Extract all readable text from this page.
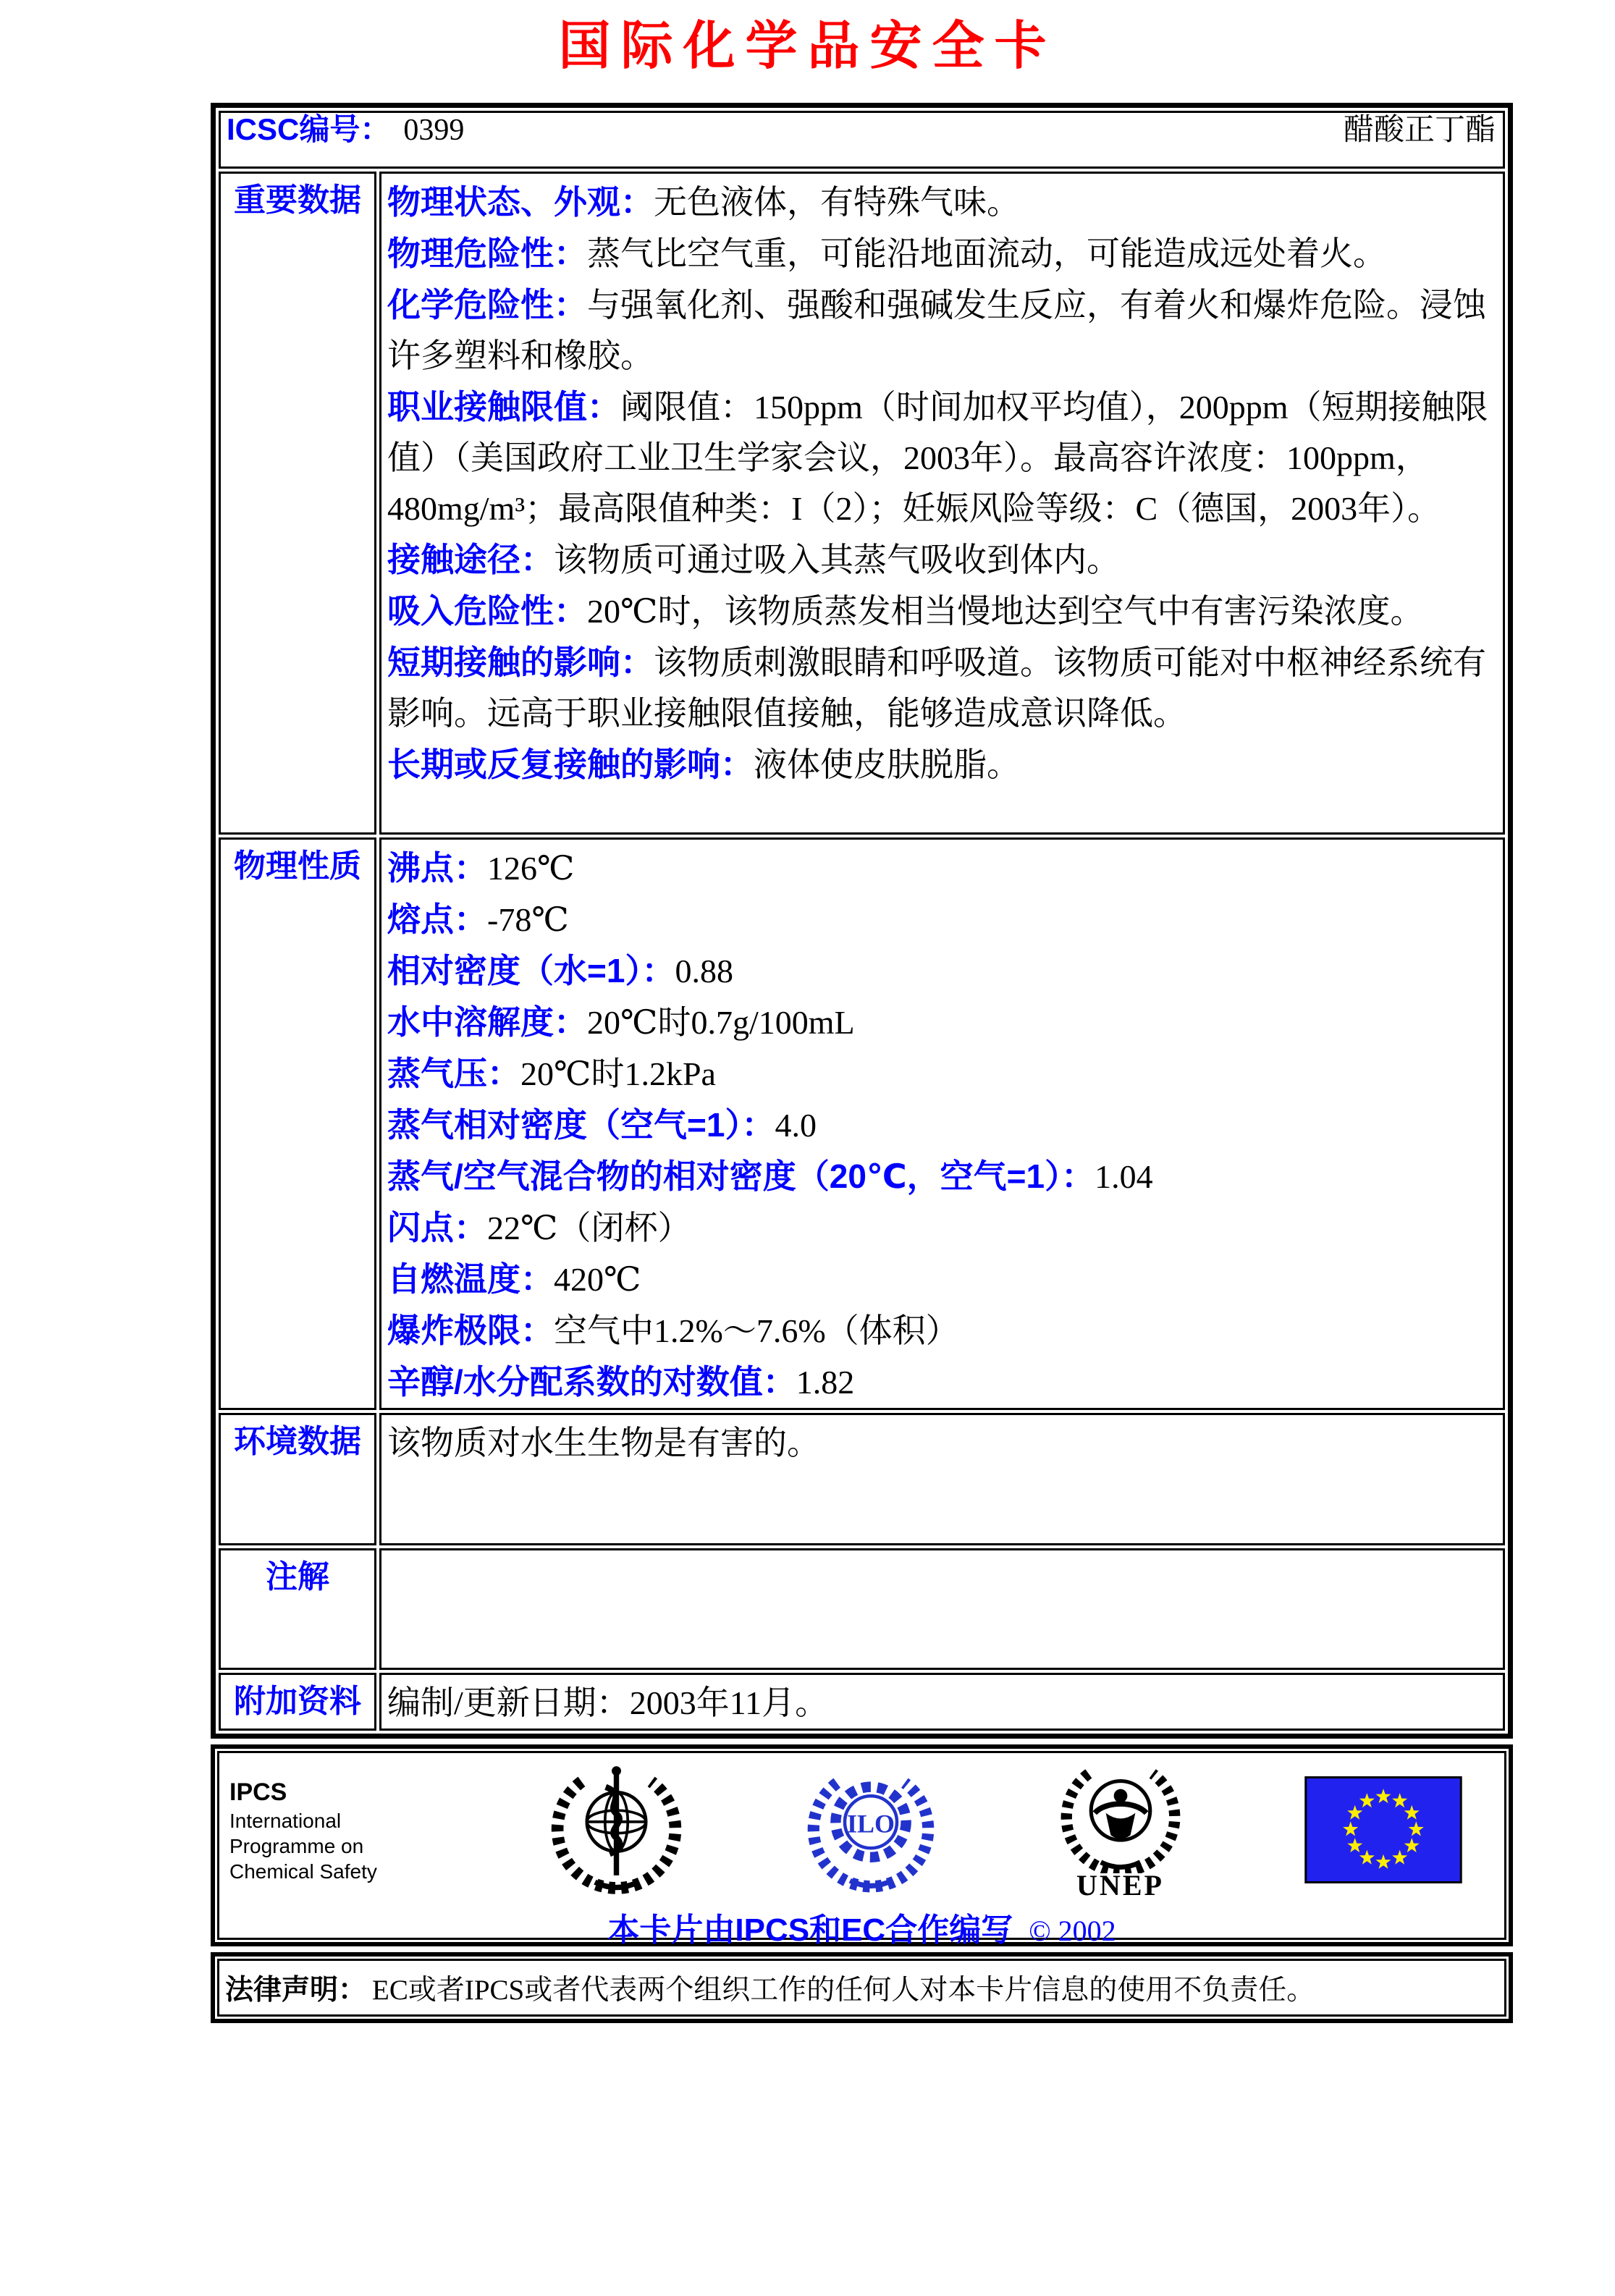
国际化学品安全卡
ICSC编号： 0399 醋酸正丁酯	

重要数据	物理状态、外观：无色液体，有特殊气味。

物理危险性：蒸气比空气重，可能沿地面流动，可能造成远处着火。

化学危险性：与强氧化剂、强酸和强碱发生反应，有着火和爆炸危险。浸蚀许多塑料和橡胶。

职业接触限值：阈限值：150ppm（时间加权平均值），200ppm（短期接触限值）（美国政府工业卫生学家会议，2003年）。最高容许浓度：100ppm，480mg/m³；最高限值种类：I（2）；妊娠风险等级：C（德国，2003年）。

接触途径：该物质可通过吸入其蒸气吸收到体内。

吸入危险性：20℃时，该物质蒸发相当慢地达到空气中有害污染浓度。

短期接触的影响：该物质刺激眼睛和呼吸道。该物质可能对中枢神经系统有影响。远高于职业接触限值接触，能够造成意识降低。

长期或反复接触的影响：液体使皮肤脱脂。

物理性质	沸点：126℃

熔点：-78℃

相对密度（水=1）：0.88

水中溶解度：20℃时0.7g/100mL

蒸气压：20℃时1.2kPa

蒸气相对密度（空气=1）：4.0

蒸气/空气混合物的相对密度（20℃，空气=1）：1.04

闪点：22℃（闭杯）

自燃温度：420℃

爆炸极限：空气中1.2%～7.6%（体积）

辛醇/水分配系数的对数值：1.82

环境数据	该物质对水生生物是有害的。

注解	

附加资料	编制/更新日期：2003年11月。

IPCS
International
Programme on
Chemical Safety
ILO
UNEP
本卡片由IPCS和EC合作编写 © 2002
法律声明： EC或者IPCS或者代表两个组织工作的任何人对本卡片信息的使用不负责任。
